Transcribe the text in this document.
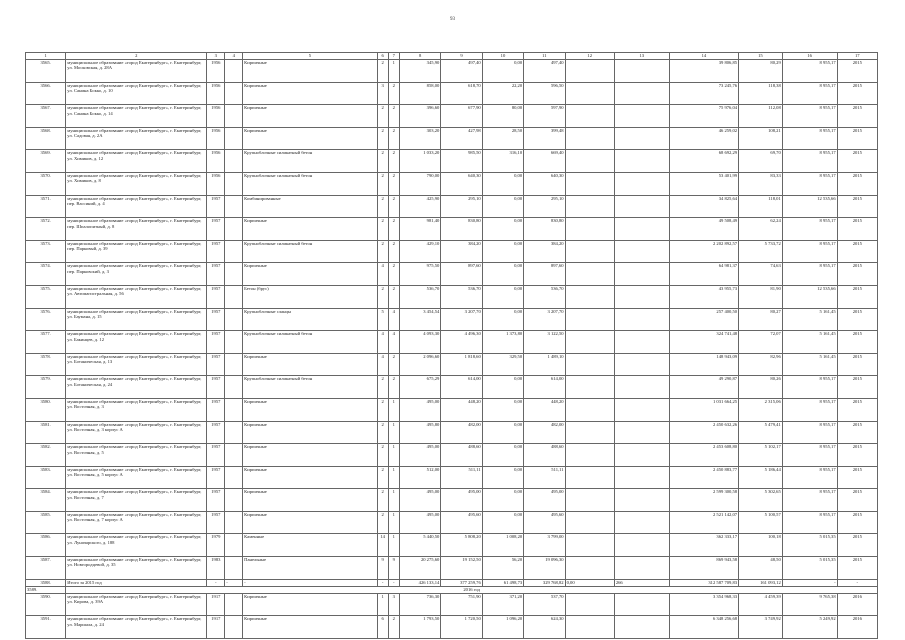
93
1	2	3	4	5	6	7	8	9	10	11	12	13	14	15	16	17
3565.	муниципальное образование «город Екатеринбург», г. Екатеринбург, ул. Московская, д. 28А	1956		Кирпичные	2	1	345,90	497,40	0,00	497,40			39 806,85	80,29	8 955,17	2015
3566.	муниципальное образование «город Екатеринбург», г. Екатеринбург, ул. Санина Бокко, д. 10	1956		Кирпичные	3	2	858,00	618,70	22,20	596,50			73 245,76	118,38	8 955,17	2015
3567.	муниципальное образование «город Екатеринбург», г. Екатеринбург, ул. Санина Бокко, д. 14	1956		Кирпичные	2	2	396,60	677,90	80,00	597,90			75 976,04	112,08	8 955,17	2015
3568.	муниципальное образование «город Екатеринбург», г. Екатеринбург, ул. Садовая, д. 2А	1956		Кирпичные	2	2	303,20	427,98	28,50	399,48			46 259,02	108,21	8 955,17	2015
3569.	муниципальное образование «город Екатеринбург», г. Екатеринбург, ул. Химиков, д. 12	1956		Крупноблочные силикатный бетон	2	2	1 033,20	985,50	316,10	669,40			68 692,29	69,70	8 955,17	2015
3570.	муниципальное образование «город Екатеринбург», г. Екатеринбург, ул. Химиков, д. 8	1956		Крупноблочные силикатный бетон	2	2	790,00	640,30	0,00	640,30			53 401,99	83,33	8 955,17	2015
3571.	муниципальное образование «город Екатеринбург», г. Екатеринбург, пер. Вассиний, д. 4	1957		Комбинированные	2	2	425,90	295,10	0,00	295,10			34 825,64	118,01	12 535,66	2015
3572.	муниципальное образование «город Екатеринбург», г. Екатеринбург, пер. Шпалопитный, д. 8	1957		Кирпичные	2	2	981,40	830,80	0,00	830,80			49 508,49	62,24	8 955,17	2015
3573.	муниципальное образование «город Екатеринбург», г. Екатеринбург, пер. Парковый, д. 39	1957		Крупноблочные силикатный бетон	2	2	429,10	384,20	0,00	384,20			2 202 892,57	5 733,72	8 955,17	2015
3574.	муниципальное образование «город Екатеринбург», г. Екатеринбург, пер. Парковский, д. 3	1957		Кирпичные	4	2	975,50	897,60	0,00	897,60			64 981,37	74,63	8 955,17	2015
3575.	муниципальное образование «город Екатеринбург», г. Екатеринбург, ул. Автомагистральная, д. 56	1957		Бетон (брус)	2	2	536,70	536,70	0,00	536,70			43 955,73	81,90	12 535,66	2015
3576.	муниципальное образование «город Екатеринбург», г. Екатеринбург, ул. Баумана, д. 15	1957		Крупноблочные сланцы	5	4	3 454,54	3 207,70	0,00	3 207,70			257 400,50	80,27	5 161,45	2015
3577.	муниципальное образование «город Екатеринбург», г. Екатеринбург, ул. Бакинцев, д. 12	1957		Крупноблочные силикатный бетон	4	4	4 093,30	4 496,30	1 373,80	3 122,50			324 741,48	72,07	5 161,45	2015
3578.	муниципальное образование «город Екатеринбург», г. Екатеринбург, ул. Ботаническая, д. 13	1957		Кирпичные	4	2	2 096,60	1 818,60	329,50	1 489,10			148 943,09	82,96	5 161,45	2015
3579.	муниципальное образование «город Екатеринбург», г. Екатеринбург, ул. Ботаническая, д. 24	1957		Крупноблочные силикатный бетон	2	2	675,29	614,00	0,00	614,00			49 290,87	80,26	8 955,17	2015
3580.	муниципальное образование «город Екатеринбург», г. Екатеринбург, ул. Восточная, д. 3	1957		Кирпичные	2	1	495,00	448,20	0,00	448,20			1 031 664,25	2 315,06	8 955,17	2015
3581.	муниципальное образование «город Екатеринбург», г. Екатеринбург, ул. Восточная, д. 3 корпус А	1957		Кирпичные	2	1	495,80	482,00	0,00	482,00			2 450 632,26	5 479,41	8 955,17	2015
3582.	муниципальное образование «город Екатеринбург», г. Екатеринбург, ул. Восточная, д. 5	1957		Кирпичные	2	1	495,00	488,60	0,00	488,60			2 453 608,80	5 102,17	8 955,17	2015
3583.	муниципальное образование «город Екатеринбург», г. Екатеринбург, ул. Восточная, д. 5 корпус А	1957		Кирпичные	2	1	512,00	511,11	0,00	511,11			2 450 883,77	5 186,44	8 955,17	2015
3584.	муниципальное образование «город Екатеринбург», г. Екатеринбург, ул. Восточная, д. 7	1957		Кирпичные	2	1	495,00	495,00	0,00	495,00			2 599 300,58	5 302,65	8 955,17	2015
3585.	муниципальное образование «город Екатеринбург», г. Екатеринбург, ул. Восточная, д. 7 корпус А	1957		Кирпичные	2	1	495,00	495,60	0,00	495,60			2 521 142,07	5 100,57	8 955,17	2015
3586.	муниципальное образование «город Екатеринбург», г. Екатеринбург, ул. Луначарского, д. 188	1979		Каменные	14	1	5 440,50	5 808,20	1 008,20	3 799,00			362 333,17	100,18	5 015,35	2015
3587.	муниципальное образование «город Екатеринбург», г. Екатеринбург, ул. Новгородцевой, д. 35	1983		Панельные	9	9	20 275,60	19 152,50	56,20	19 096,30			869 943,58	48,50	5 015,35	2015
3588.	Итого за 2015 год	-	-	-	-	-	426 133,14	377 259,76	61 498,73	329 768,82	0,00	266	312 587 709,83	161 093,12	-	-
3589.	2016 год															
3590.	муниципальное образование «город Екатеринбург», г. Екатеринбург, ул. Кирова, д. 39А	1917		Кирпичные	1	3	736,30	751,90	371,20	537,70			3 354 968,33	4 459,39	9 765,38	2016
3591.	муниципальное образование «город Екатеринбург», г. Екатеринбург, ул. Маршала, д. 24	1917		Кирпичные	6	2	1 793,50	1 720,50	1 096,20	624,30			6 348 256,68	3 749,92	5 249,92	2016
